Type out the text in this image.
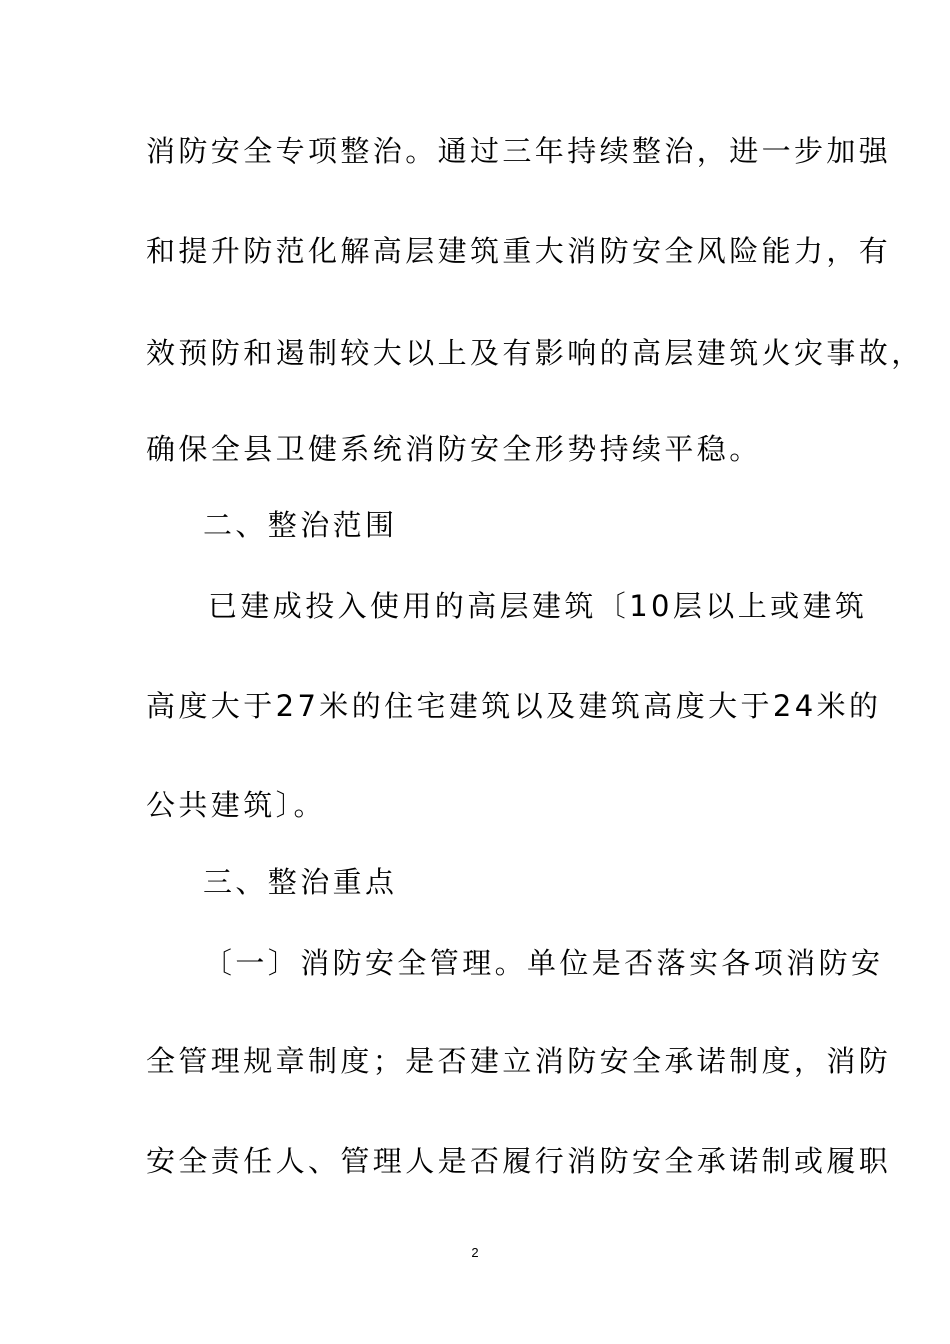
消防安全专项整治。通过三年持续整治，进一步加强
和提升防范化解高层建筑重大消防安全风险能力，有
效预防和遏制较大以上及有影响的高层建筑火灾事故，
确保全县卫健系统消防安全形势持续平稳。
二、整治范围
已建成投入使用的高层建筑〔10层以上或建筑
高度大于27米的住宅建筑以及建筑高度大于24米的
公共建筑〕。
三、整治重点
〔一〕消防安全管理。单位是否落实各项消防安
全管理规章制度；是否建立消防安全承诺制度，消防
安全责任人、管理人是否履行消防安全承诺制或履职
2
